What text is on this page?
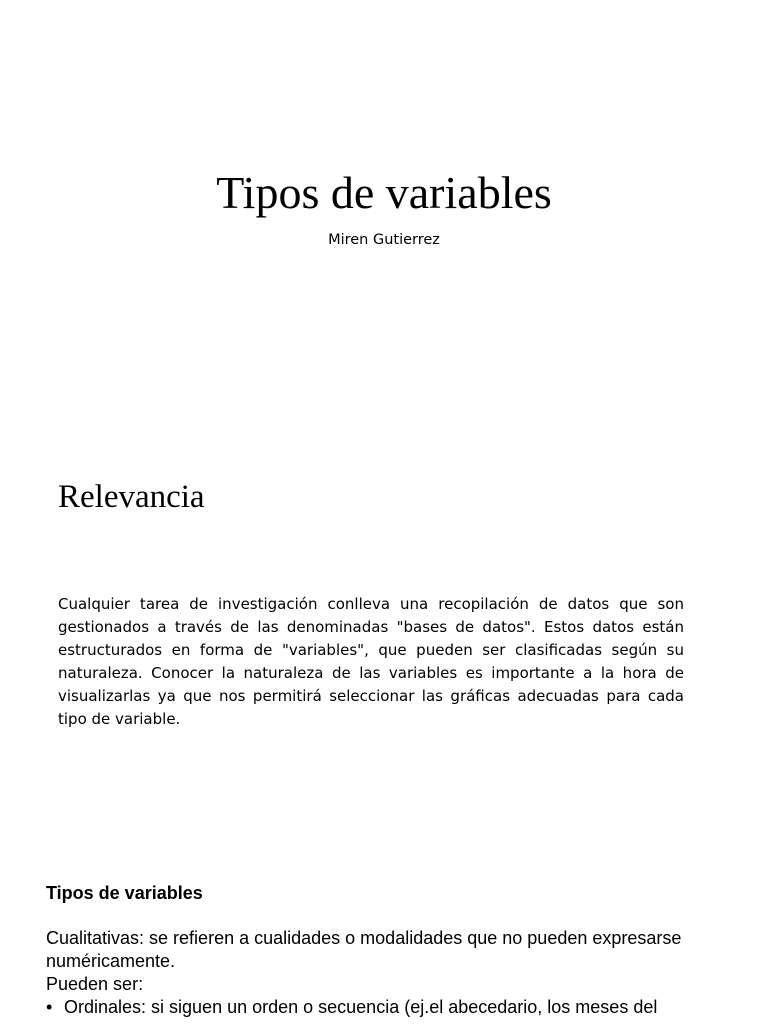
Tipos de variables
Miren Gutierrez
Relevancia

Cualquier tarea de investigación conlleva una recopilación de datos que son gestionados a través de las denominadas "bases de datos". Estos datos están estructurados en forma de "variables", que pueden ser clasificadas según su naturaleza. Conocer la naturaleza de las variables es importante a la hora de visualizarlas ya que nos permitirá seleccionar las gráficas adecuadas para cada tipo de variable.

Tipos de variables

Cualitativas: se refieren a cualidades o modalidades que no pueden expresarse numéricamente.

Pueden ser:

• Ordinales: si siguen un orden o secuencia (ej.el abecedario, los meses del
